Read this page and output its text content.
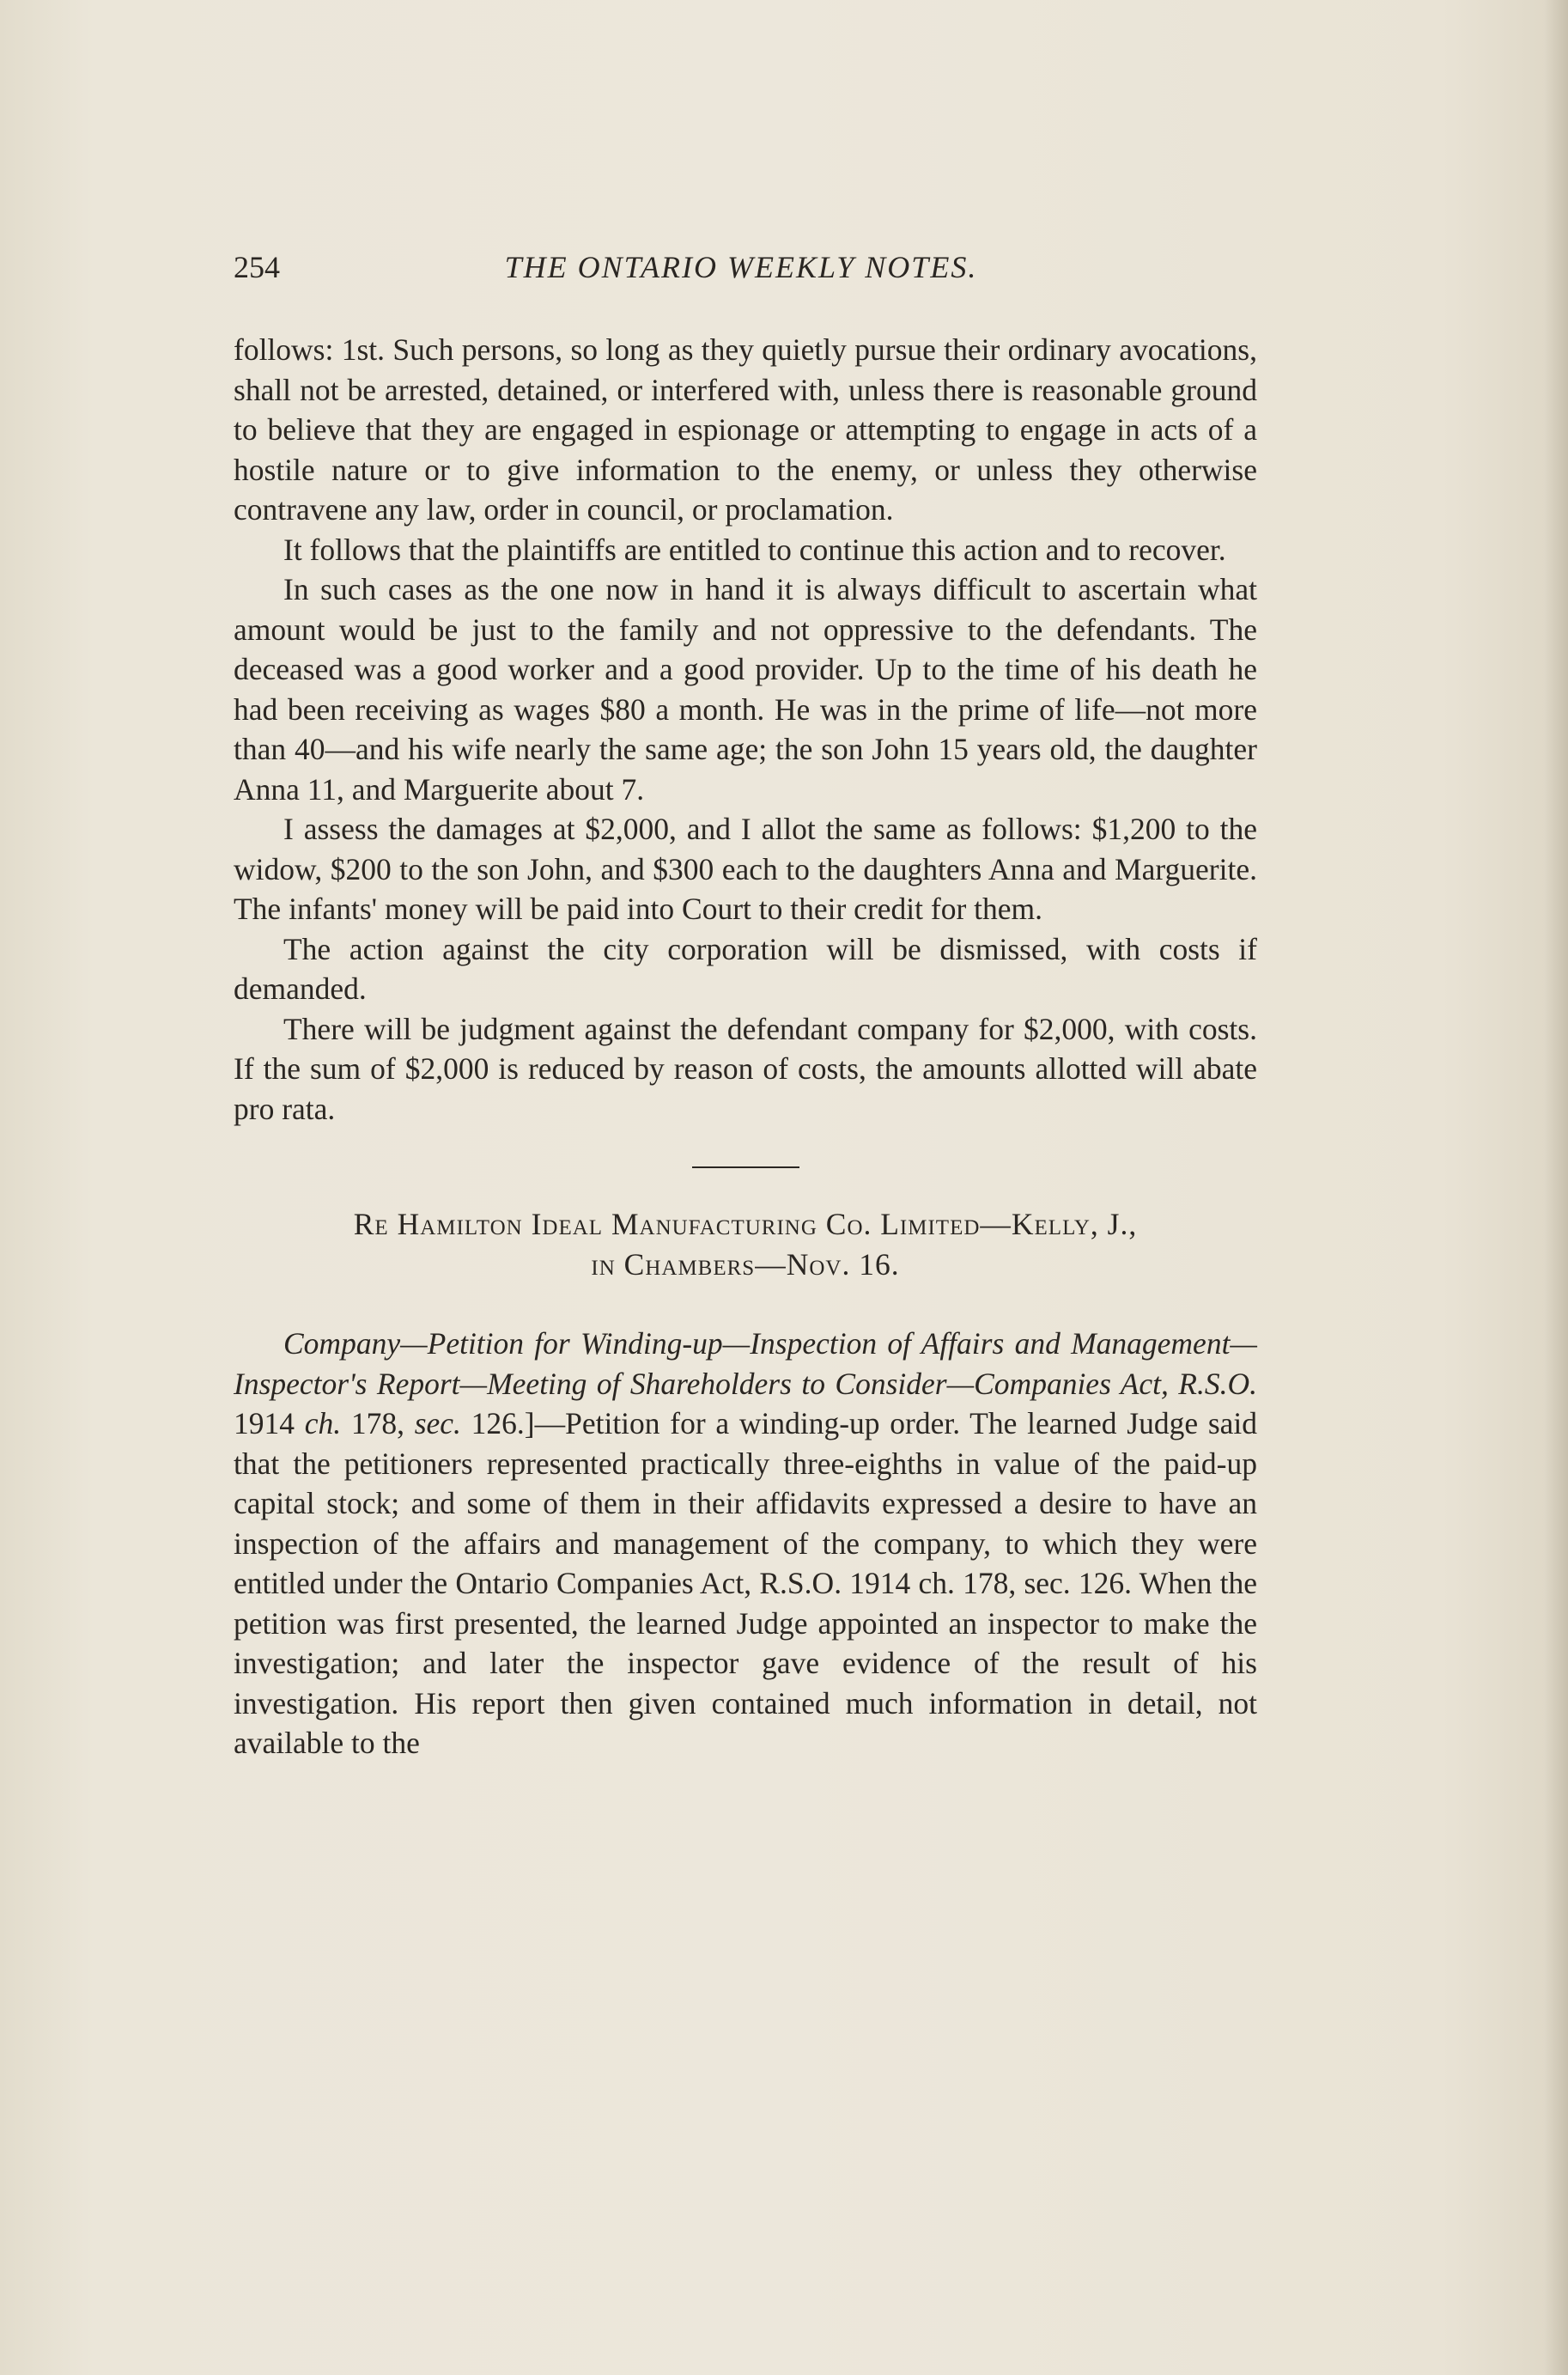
254	THE ONTARIO WEEKLY NOTES.

follows: 1st. Such persons, so long as they quietly pursue their ordinary avocations, shall not be arrested, detained, or interfered with, unless there is reasonable ground to believe that they are engaged in espionage or attempting to engage in acts of a hostile nature or to give information to the enemy, or unless they otherwise contravene any law, order in council, or proclamation.

It follows that the plaintiffs are entitled to continue this action and to recover.

In such cases as the one now in hand it is always difficult to ascertain what amount would be just to the family and not oppressive to the defendants. The deceased was a good worker and a good provider. Up to the time of his death he had been receiving as wages $80 a month. He was in the prime of life—not more than 40—and his wife nearly the same age; the son John 15 years old, the daughter Anna 11, and Marguerite about 7.

I assess the damages at $2,000, and I allot the same as follows: $1,200 to the widow, $200 to the son John, and $300 each to the daughters Anna and Marguerite. The infants' money will be paid into Court to their credit for them.

The action against the city corporation will be dismissed, with costs if demanded.

There will be judgment against the defendant company for $2,000, with costs. If the sum of $2,000 is reduced by reason of costs, the amounts allotted will abate pro rata.

Re Hamilton Ideal Manufacturing Co. Limited—Kelly, J.,
in Chambers—Nov. 16.

Company—Petition for Winding-up—Inspection of Affairs and Management—Inspector's Report—Meeting of Shareholders to Consider—Companies Act, R.S.O. 1914 ch. 178, sec. 126.]—Petition for a winding-up order. The learned Judge said that the petitioners represented practically three-eighths in value of the paid-up capital stock; and some of them in their affidavits expressed a desire to have an inspection of the affairs and management of the company, to which they were entitled under the Ontario Companies Act, R.S.O. 1914 ch. 178, sec. 126. When the petition was first presented, the learned Judge appointed an inspector to make the investigation; and later the inspector gave evidence of the result of his investigation. His report then given contained much information in detail, not available to the
